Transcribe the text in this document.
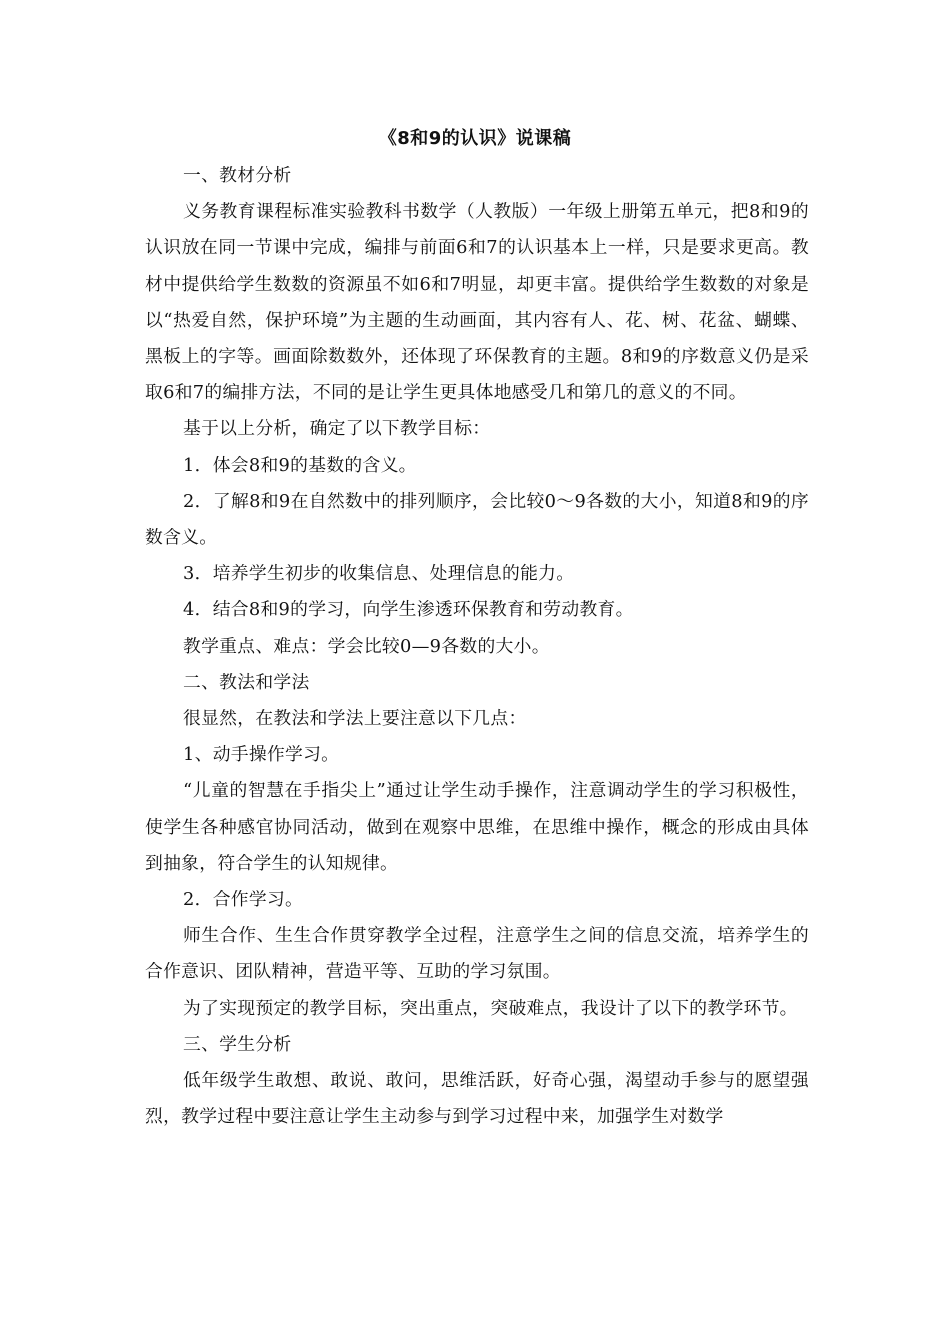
《8和9的认识》说课稿

一、教材分析

义务教育课程标准实验教科书数学（人教版）一年级上册第五单元，把8和9的认识放在同一节课中完成，编排与前面6和7的认识基本上一样，只是要求更高。教材中提供给学生数数的资源虽不如6和7明显，却更丰富。提供给学生数数的对象是以“热爱自然，保护环境”为主题的生动画面，其内容有人、花、树、花盆、蝴蝶、黑板上的字等。画面除数数外，还体现了环保教育的主题。8和9的序数意义仍是采取6和7的编排方法，不同的是让学生更具体地感受几和第几的意义的不同。

基于以上分析，确定了以下教学目标：

1．体会8和9的基数的含义。

2．了解8和9在自然数中的排列顺序，会比较0～9各数的大小，知道8和9的序数含义。

3．培养学生初步的收集信息、处理信息的能力。

4．结合8和9的学习，向学生渗透环保教育和劳动教育。

教学重点、难点：学会比较0—9各数的大小。

二、教法和学法

很显然，在教法和学法上要注意以下几点：

1、动手操作学习。

“儿童的智慧在手指尖上”通过让学生动手操作，注意调动学生的学习积极性，使学生各种感官协同活动，做到在观察中思维，在思维中操作，概念的形成由具体到抽象，符合学生的认知规律。

2．合作学习。

师生合作、生生合作贯穿教学全过程，注意学生之间的信息交流，培养学生的合作意识、团队精神，营造平等、互助的学习氛围。

为了实现预定的教学目标，突出重点，突破难点，我设计了以下的教学环节。

三、学生分析

低年级学生敢想、敢说、敢问，思维活跃，好奇心强，渴望动手参与的愿望强烈，教学过程中要注意让学生主动参与到学习过程中来，加强学生对数学
